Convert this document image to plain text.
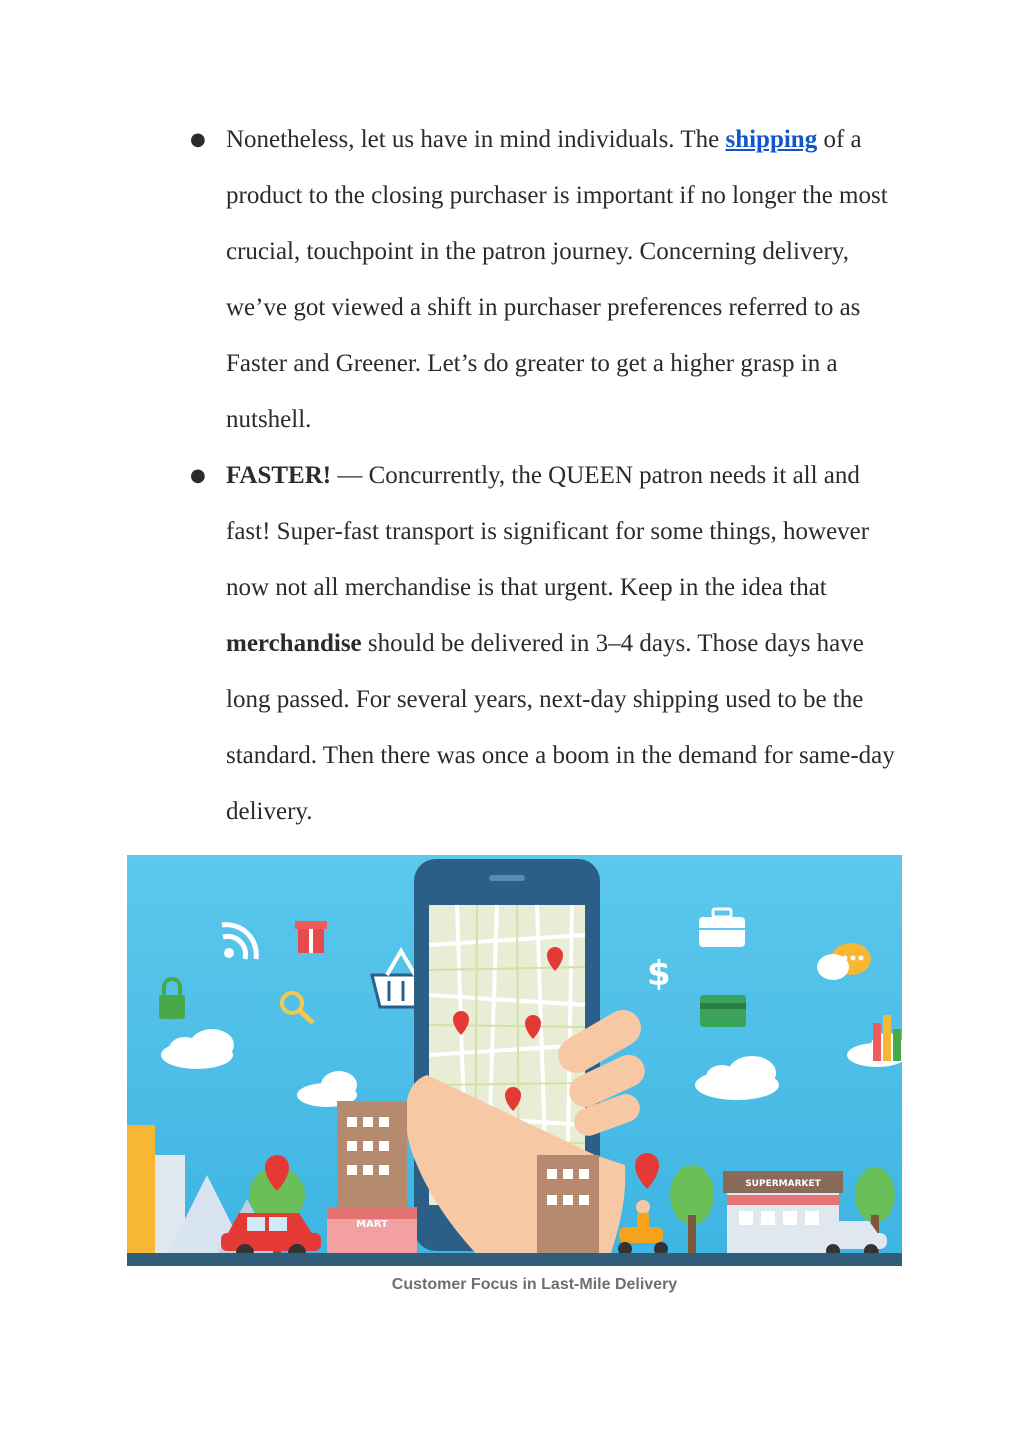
●
Nonetheless, let us have in mind individuals. The shipping of a product to the closing purchaser is important if no longer the most crucial, touchpoint in the patron journey. Concerning delivery, we’ve got viewed a shift in purchaser preferences referred to as Faster and Greener. Let’s do greater to get a higher grasp in a nutshell.
●
FASTER! — Concurrently, the QUEEN patron needs it all and fast! Super-fast transport is significant for some things, however now not all merchandise is that urgent. Keep in the idea that merchandise should be delivered in 3–4 days. Those days have long passed. For several years, next-day shipping used to be the standard. Then there was once a boom in the demand for same-day delivery.
$
MART
SUPERMARKET
Customer Focus in Last-Mile Delivery
